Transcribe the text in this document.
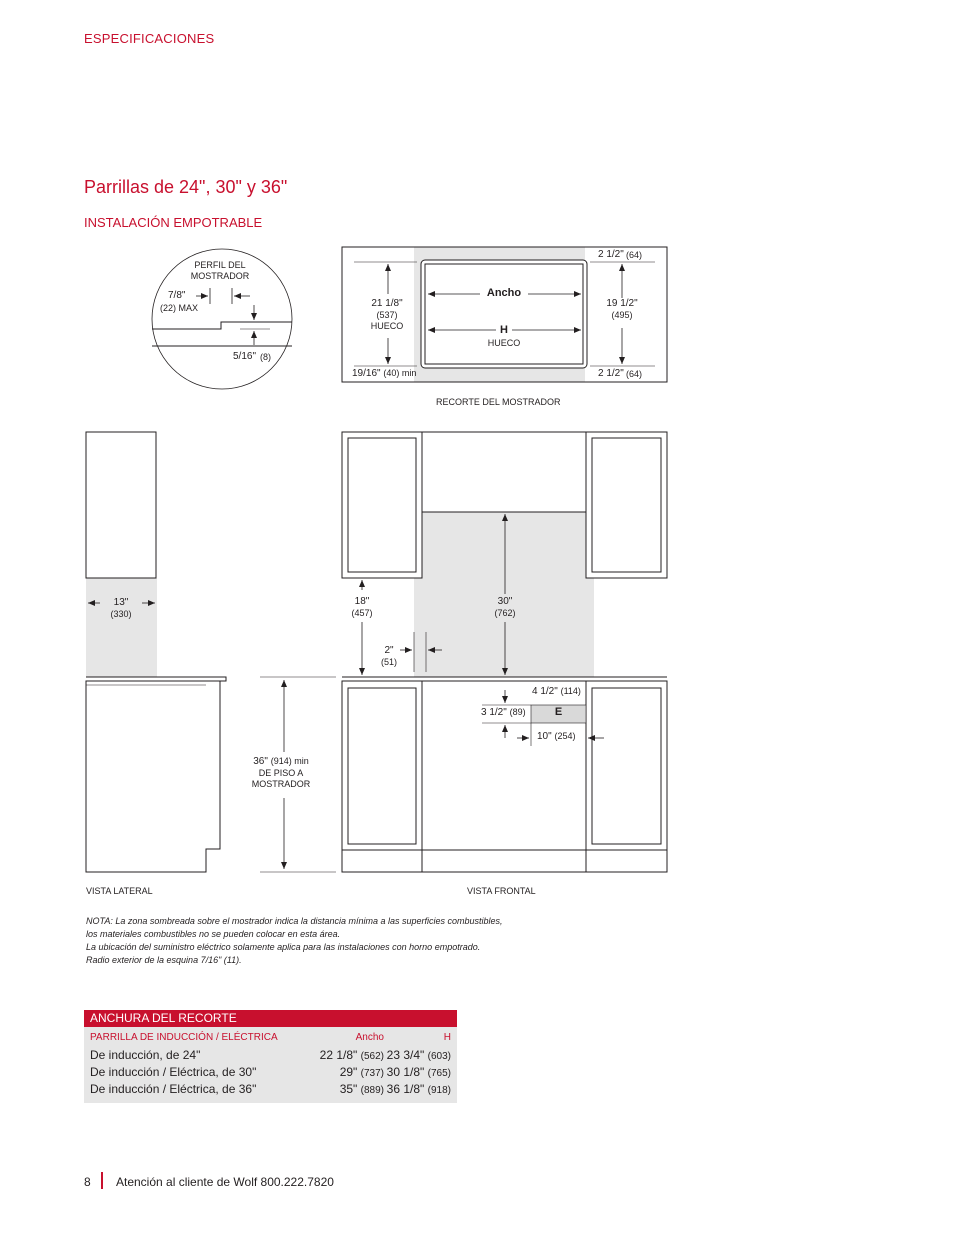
ESPECIFICACIONES
Parrillas de 24", 30" y 36"
INSTALACIÓN EMPOTRABLE
PERFIL DEL
MOSTRADOR
7/8"
(22) MAX
5/16" (8)
2 1/2" (64)
2 1/2" (64)
21 1/8"
(537)
HUECO
19 1/2"
(495)
Ancho
H
HUECO
19/16" (40) min
RECORTE DEL MOSTRADOR
13"
(330)
36" (914) min
DE PISO A
MOSTRADOR
VISTA LATERAL
18"
(457)
30"
(762)
2"
(51)
4 1/2" (114)
3 1/2" (89)	E
10" (254)
VISTA FRONTAL
NOTA: La zona sombreada sobre el mostrador indica la distancia mínima a las superficies combustibles,
los materiales combustibles no se pueden colocar en esta área.
La ubicación del suministro eléctrico solamente aplica para las instalaciones con horno empotrado.
Radio exterior de la esquina 7/16" (11).
ANCHURA DEL RECORTE
PARRILLA DE INDUCCIÓN / ELÉCTRICA	Ancho	H
De inducción, de 24"	22 1/8" (562) 23 3/4" (603)
De inducción / Eléctrica, de 30"	29" (737) 30 1/8" (765)
De inducción / Eléctrica, de 36"	35" (889) 36 1/8" (918)
8 Atención al cliente de Wolf 800.222.7820
